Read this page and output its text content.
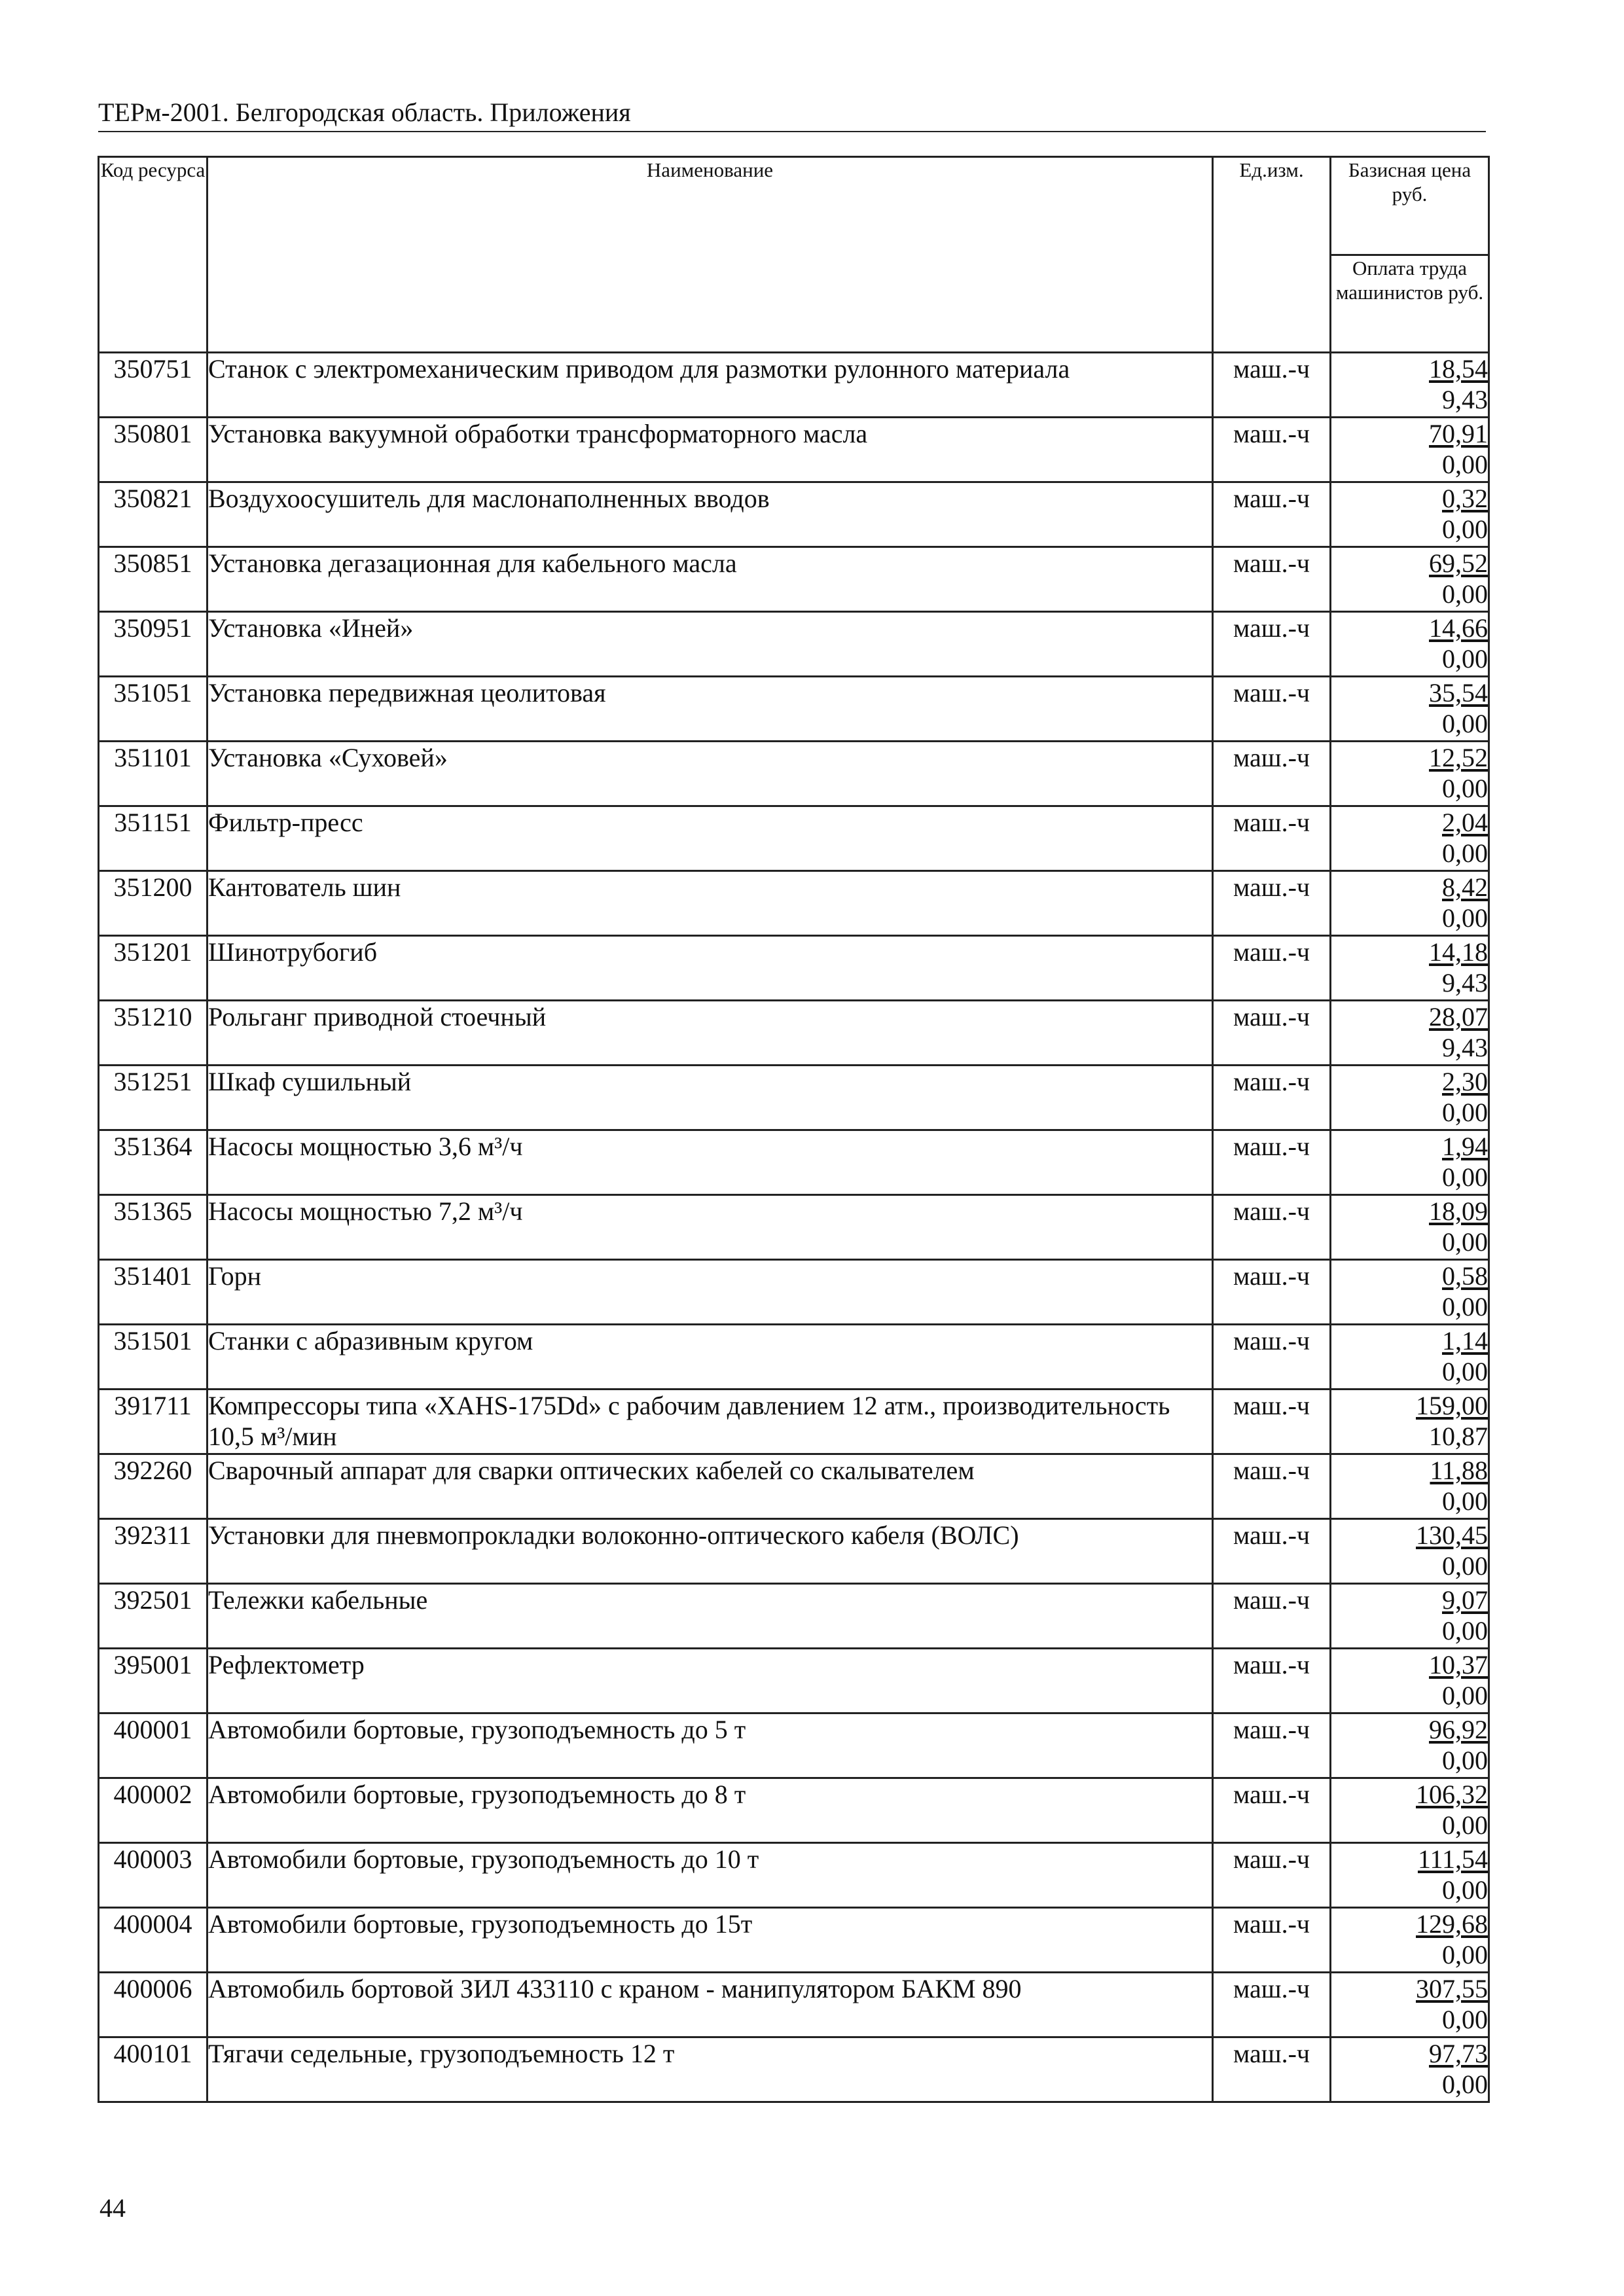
ТЕРм-2001. Белгородская область. Приложения
Код ресурса	Наименование	Ед.изм.	Базисная цена руб.
			Оплата труда машинистов руб.
350751	Станок с электромеханическим приводом для размотки рулонного материала	маш.-ч	18,54
9,43

350801	Установка вакуумной обработки трансформаторного масла	маш.-ч	70,91
0,00

350821	Воздухоосушитель для маслонаполненных вводов	маш.-ч	0,32
0,00

350851	Установка дегазационная для кабельного масла	маш.-ч	69,52
0,00

350951	Установка «Иней»	маш.-ч	14,66
0,00

351051	Установка передвижная цеолитовая	маш.-ч	35,54
0,00

351101	Установка «Суховей»	маш.-ч	12,52
0,00

351151	Фильтр-пресс	маш.-ч	2,04
0,00

351200	Кантователь шин	маш.-ч	8,42
0,00

351201	Шинотрубогиб	маш.-ч	14,18
9,43

351210	Рольганг приводной стоечный	маш.-ч	28,07
9,43

351251	Шкаф сушильный	маш.-ч	2,30
0,00

351364	Насосы мощностью 3,6 м³/ч	маш.-ч	1,94
0,00

351365	Насосы мощностью 7,2 м³/ч	маш.-ч	18,09
0,00

351401	Горн	маш.-ч	0,58
0,00

351501	Станки с абразивным кругом	маш.-ч	1,14
0,00

391711	Компрессоры типа «XAHS-175Dd» с рабочим давлением 12 атм., производительность 10,5 м³/мин	маш.-ч	159,00
10,87

392260	Сварочный аппарат для сварки оптических кабелей со скалывателем	маш.-ч	11,88
0,00

392311	Установки для пневмопрокладки волоконно-оптического кабеля (ВОЛС)	маш.-ч	130,45
0,00

392501	Тележки кабельные	маш.-ч	9,07
0,00

395001	Рефлектометр	маш.-ч	10,37
0,00

400001	Автомобили бортовые, грузоподъемность до 5 т	маш.-ч	96,92
0,00

400002	Автомобили бортовые, грузоподъемность до 8 т	маш.-ч	106,32
0,00

400003	Автомобили бортовые, грузоподъемность до 10 т	маш.-ч	111,54
0,00

400004	Автомобили бортовые, грузоподъемность до 15т	маш.-ч	129,68
0,00

400006	Автомобиль бортовой ЗИЛ 433110 с краном - манипулятором БАКМ 890	маш.-ч	307,55
0,00

400101	Тягачи седельные, грузоподъемность 12 т	маш.-ч	97,73
0,00
44
